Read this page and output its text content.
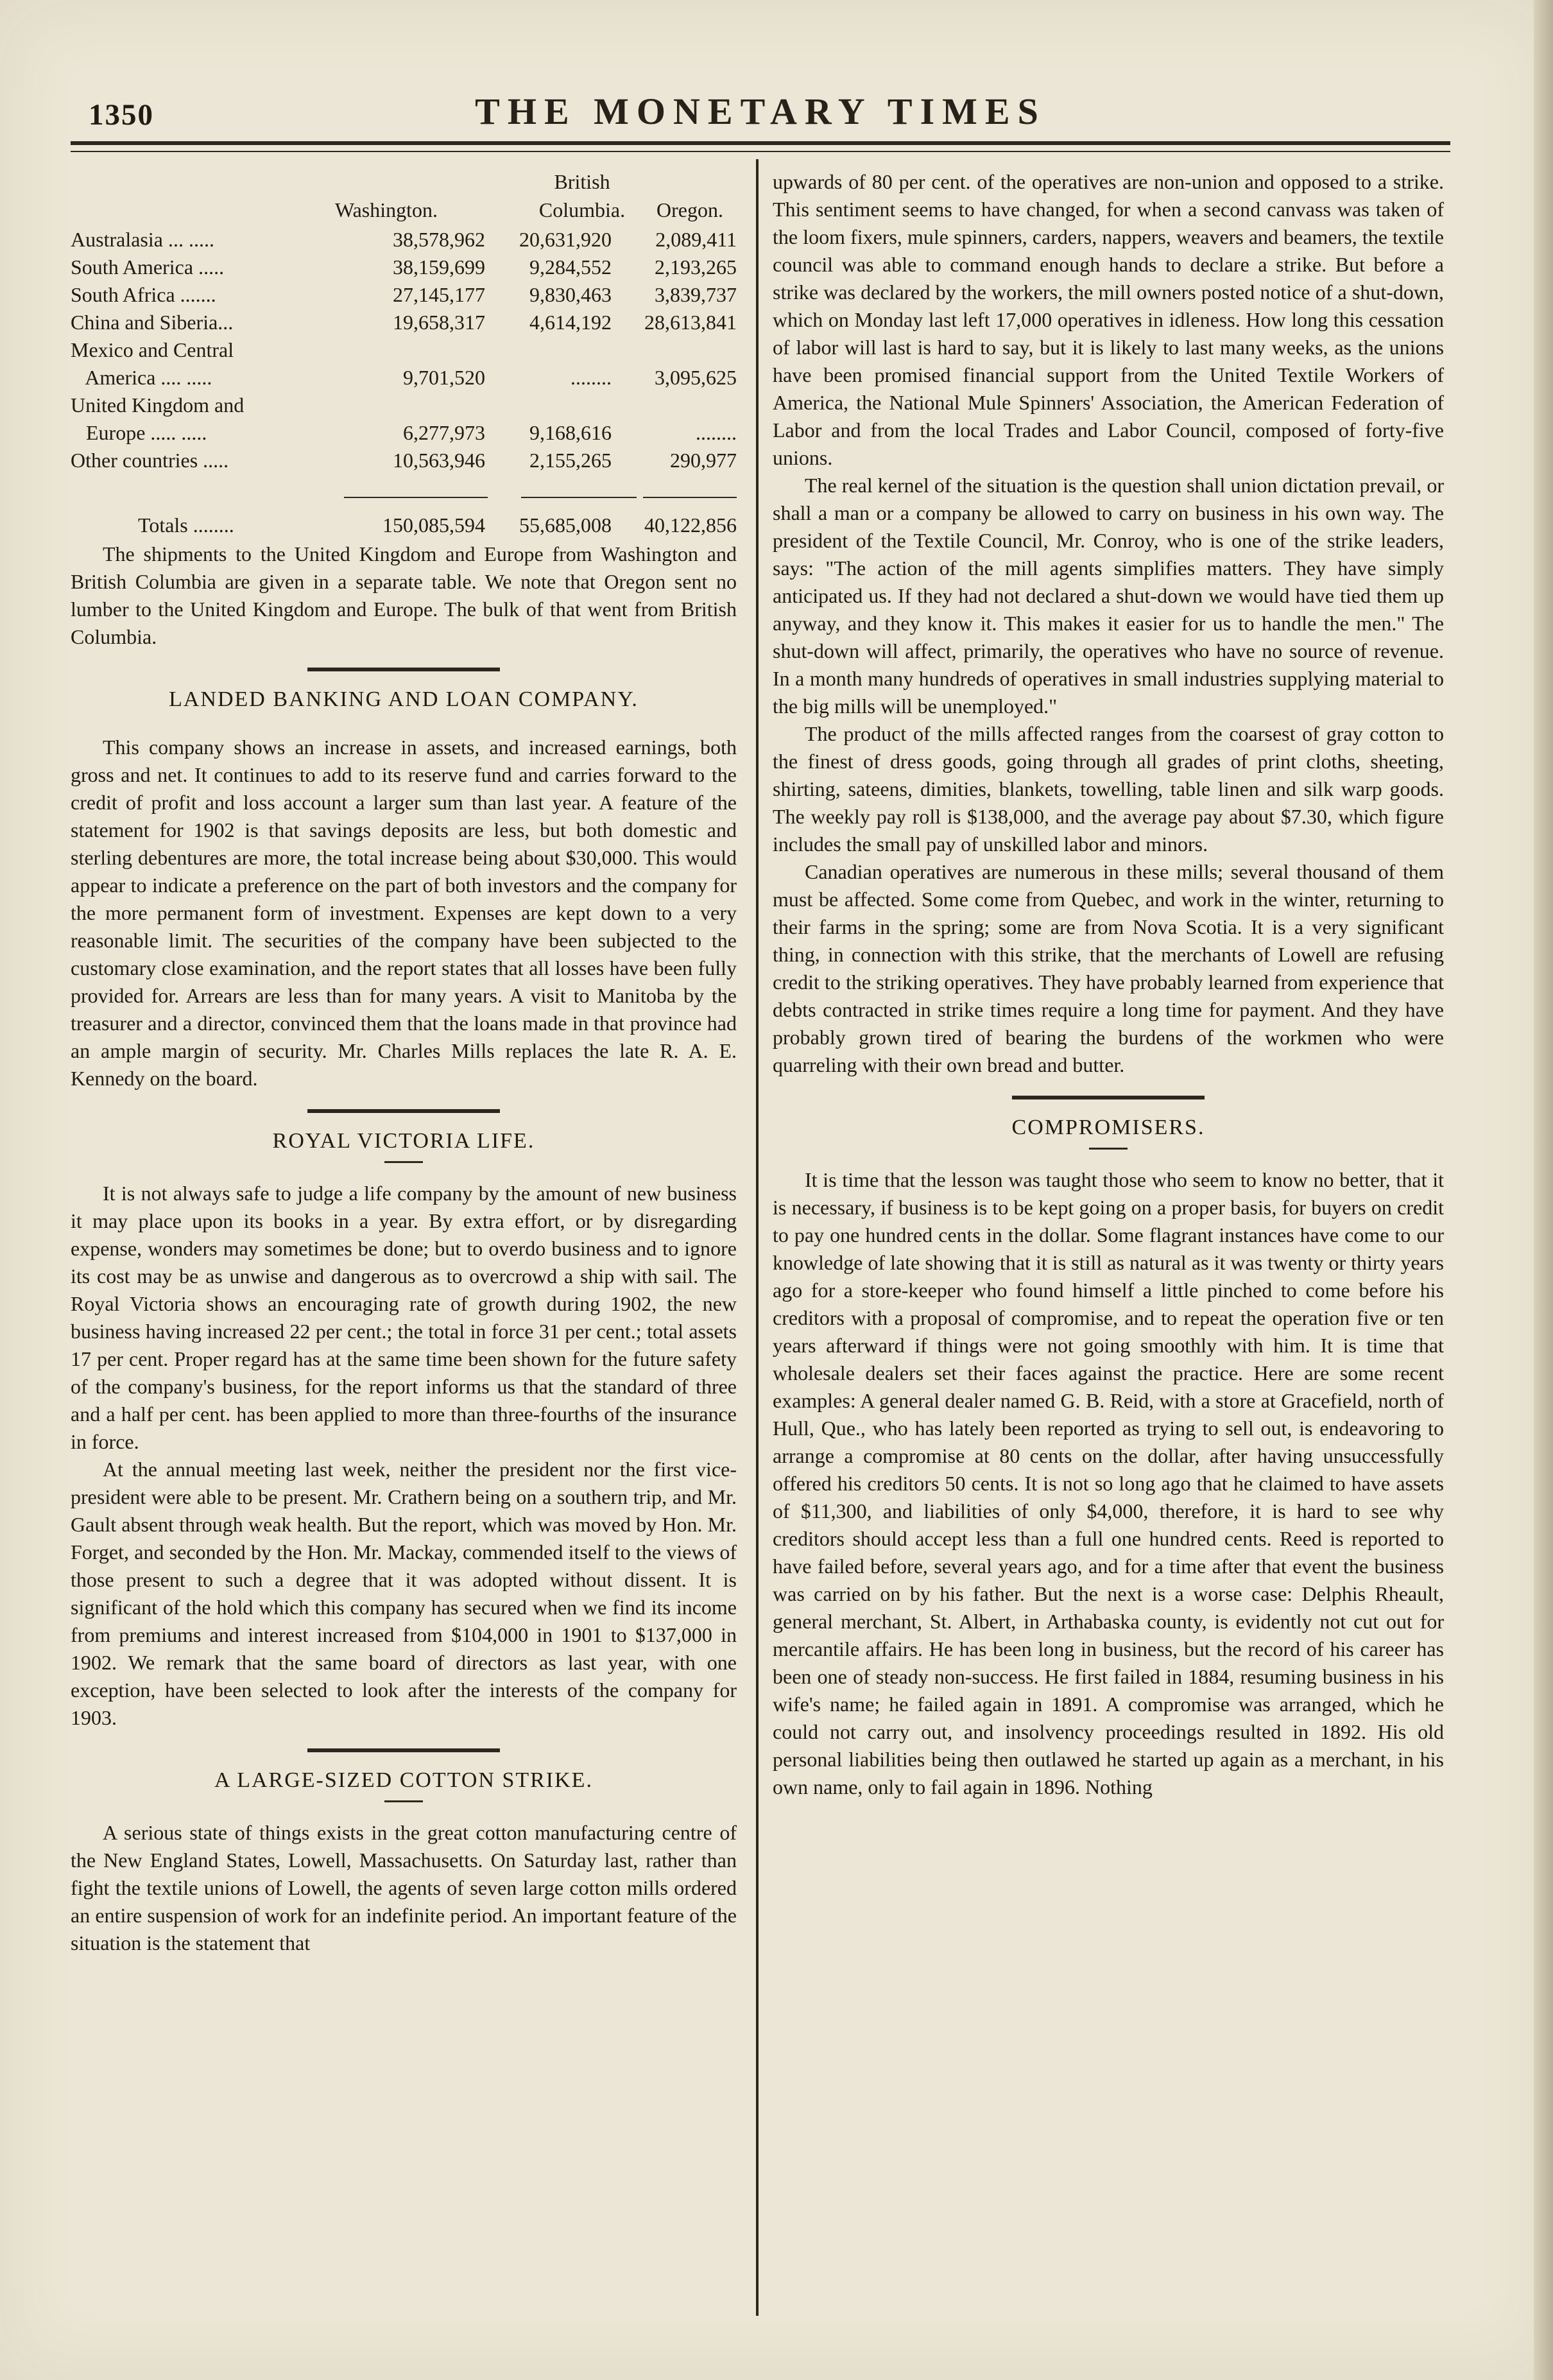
1350	THE MONETARY TIMES
British
Washington.	Columbia.	Oregon.
Australasia ... .....	38,578,962 20,631,920 2,089,411
South America .....	38,159,699 9,284,552 2,193,265
South Africa .......	27,145,177 9,830,463 3,839,737
China and Siberia...	19,658,317 4,614,192 28,613,841
Mexico and Central
America .... .....	9,701,520	........ 3,095,625
United Kingdom and
Europe ..... .....	6,277,973 9,168,616	........
Other countries .....	10,563,946 2,155,265	290,977
Totals ........	150,085,594 55,685,008 40,122,856

The shipments to the United Kingdom and Europe from Washington and British Columbia are given in a separate table. We note that Oregon sent no lumber to the United Kingdom and Europe. The bulk of that went from British Columbia.

LANDED BANKING AND LOAN COMPANY.

This company shows an increase in assets, and increased earnings, both gross and net. It continues to add to its reserve fund and carries forward to the credit of profit and loss account a larger sum than last year. A feature of the statement for 1902 is that savings deposits are less, but both domestic and sterling debentures are more, the total increase being about $30,000. This would appear to indicate a preference on the part of both investors and the company for the more permanent form of investment. Expenses are kept down to a very reasonable limit. The securities of the company have been subjected to the customary close examination, and the report states that all losses have been fully provided for. Arrears are less than for many years. A visit to Manitoba by the treasurer and a director, convinced them that the loans made in that province had an ample margin of security. Mr. Charles Mills replaces the late R. A. E. Kennedy on the board.

ROYAL VICTORIA LIFE.

It is not always safe to judge a life company by the amount of new business it may place upon its books in a year. By extra effort, or by disregarding expense, wonders may sometimes be done; but to overdo business and to ignore its cost may be as unwise and dangerous as to overcrowd a ship with sail. The Royal Victoria shows an encouraging rate of growth during 1902, the new business having increased 22 per cent.; the total in force 31 per cent.; total assets 17 per cent. Proper regard has at the same time been shown for the future safety of the company's business, for the report informs us that the standard of three and a half per cent. has been applied to more than three-fourths of the insurance in force.

At the annual meeting last week, neither the president nor the first vice-president were able to be present. Mr. Crathern being on a southern trip, and Mr. Gault absent through weak health. But the report, which was moved by Hon. Mr. Forget, and seconded by the Hon. Mr. Mackay, commended itself to the views of those present to such a degree that it was adopted without dissent. It is significant of the hold which this company has secured when we find its income from premiums and interest increased from $104,000 in 1901 to $137,000 in 1902. We remark that the same board of directors as last year, with one exception, have been selected to look after the interests of the company for 1903.

A LARGE-SIZED COTTON STRIKE.

A serious state of things exists in the great cotton manufacturing centre of the New England States, Lowell, Massachusetts. On Saturday last, rather than fight the textile unions of Lowell, the agents of seven large cotton mills ordered an entire suspension of work for an indefinite period. An important feature of the situation is the statement that

upwards of 80 per cent. of the operatives are non-union and opposed to a strike. This sentiment seems to have changed, for when a second canvass was taken of the loom fixers, mule spinners, carders, nappers, weavers and beamers, the textile council was able to command enough hands to declare a strike. But before a strike was declared by the workers, the mill owners posted notice of a shut-down, which on Monday last left 17,000 operatives in idleness. How long this cessation of labor will last is hard to say, but it is likely to last many weeks, as the unions have been promised financial support from the United Textile Workers of America, the National Mule Spinners' Association, the American Federation of Labor and from the local Trades and Labor Council, composed of forty-five unions.

The real kernel of the situation is the question shall union dictation prevail, or shall a man or a company be allowed to carry on business in his own way. The president of the Textile Council, Mr. Conroy, who is one of the strike leaders, says: "The action of the mill agents simplifies matters. They have simply anticipated us. If they had not declared a shut-down we would have tied them up anyway, and they know it. This makes it easier for us to handle the men." The shut-down will affect, primarily, the operatives who have no source of revenue. In a month many hundreds of operatives in small industries supplying material to the big mills will be unemployed."

The product of the mills affected ranges from the coarsest of gray cotton to the finest of dress goods, going through all grades of print cloths, sheeting, shirting, sateens, dimities, blankets, towelling, table linen and silk warp goods. The weekly pay roll is $138,000, and the average pay about $7.30, which figure includes the small pay of unskilled labor and minors.

Canadian operatives are numerous in these mills; several thousand of them must be affected. Some come from Quebec, and work in the winter, returning to their farms in the spring; some are from Nova Scotia. It is a very significant thing, in connection with this strike, that the merchants of Lowell are refusing credit to the striking operatives. They have probably learned from experience that debts contracted in strike times require a long time for payment. And they have probably grown tired of bearing the burdens of the workmen who were quarreling with their own bread and butter.

COMPROMISERS.

It is time that the lesson was taught those who seem to know no better, that it is necessary, if business is to be kept going on a proper basis, for buyers on credit to pay one hundred cents in the dollar. Some flagrant instances have come to our knowledge of late showing that it is still as natural as it was twenty or thirty years ago for a store-keeper who found himself a little pinched to come before his creditors with a proposal of compromise, and to repeat the operation five or ten years afterward if things were not going smoothly with him. It is time that wholesale dealers set their faces against the practice. Here are some recent examples: A general dealer named G. B. Reid, with a store at Gracefield, north of Hull, Que., who has lately been reported as trying to sell out, is endeavoring to arrange a compromise at 80 cents on the dollar, after having unsuccessfully offered his creditors 50 cents. It is not so long ago that he claimed to have assets of $11,300, and liabilities of only $4,000, therefore, it is hard to see why creditors should accept less than a full one hundred cents. Reed is reported to have failed before, several years ago, and for a time after that event the business was carried on by his father. But the next is a worse case: Delphis Rheault, general merchant, St. Albert, in Arthabaska county, is evidently not cut out for mercantile affairs. He has been long in business, but the record of his career has been one of steady non-success. He first failed in 1884, resuming business in his wife's name; he failed again in 1891. A compromise was arranged, which he could not carry out, and insolvency proceedings resulted in 1892. His old personal liabilities being then outlawed he started up again as a merchant, in his own name, only to fail again in 1896. Nothing
